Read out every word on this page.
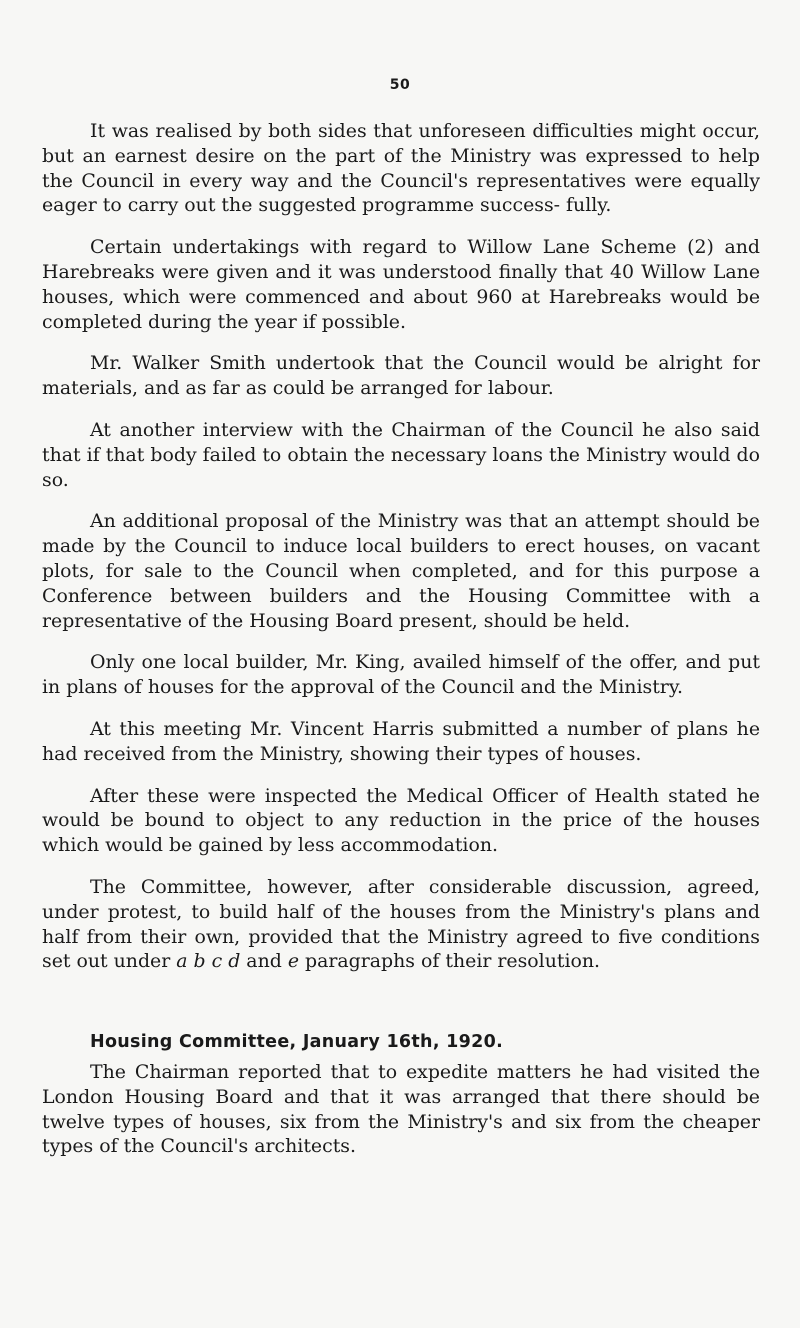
50

It was realised by both sides that unforeseen difficulties might occur, but an earnest desire on the part of the Ministry was expressed to help the Council in every way and the Council's representatives were equally eager to carry out the suggested programme success- fully.

Certain undertakings with regard to Willow Lane Scheme (2) and Harebreaks were given and it was understood finally that 40 Willow Lane houses, which were commenced and about 960 at Harebreaks would be completed during the year if possible.

Mr. Walker Smith undertook that the Council would be alright for materials, and as far as could be arranged for labour.

At another interview with the Chairman of the Council he also said that if that body failed to obtain the necessary loans the Ministry would do so.

An additional proposal of the Ministry was that an attempt should be made by the Council to induce local builders to erect houses, on vacant plots, for sale to the Council when completed, and for this purpose a Conference between builders and the Housing Committee with a representative of the Housing Board present, should be held.

Only one local builder, Mr. King, availed himself of the offer, and put in plans of houses for the approval of the Council and the Ministry.

At this meeting Mr. Vincent Harris submitted a number of plans he had received from the Ministry, showing their types of houses.

After these were inspected the Medical Officer of Health stated he would be bound to object to any reduction in the price of the houses which would be gained by less accommodation.

The Committee, however, after considerable discussion, agreed, under protest, to build half of the houses from the Ministry's plans and half from their own, provided that the Ministry agreed to five conditions set out under a b c d and e paragraphs of their resolution.

Housing Committee, January 16th, 1920.

The Chairman reported that to expedite matters he had visited the London Housing Board and that it was arranged that there should be twelve types of houses, six from the Ministry's and six from the cheaper types of the Council's architects.
